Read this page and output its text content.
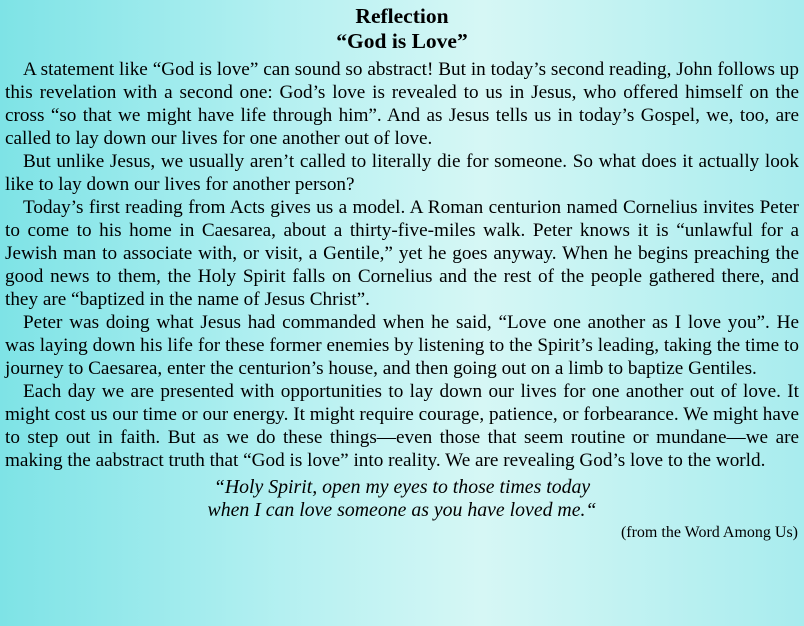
Reflection
“God is Love”

A statement like “God is love” can sound so abstract! But in today’s second reading, John follows up this revelation with a second one: God’s love is revealed to us in Jesus, who offered himself on the cross “so that we might have life through him”. And as Jesus tells us in today’s Gospel, we, too, are called to lay down our lives for one another out of love.

But unlike Jesus, we usually aren’t called to literally die for someone. So what does it actually look like to lay down our lives for another person?

Today’s first reading from Acts gives us a model. A Roman centurion named Cornelius invites Peter to come to his home in Caesarea, about a thirty-five-miles walk. Peter knows it is “unlawful for a Jewish man to associate with, or visit, a Gentile,” yet he goes anyway. When he begins preaching the good news to them, the Holy Spirit falls on Cornelius and the rest of the people gathered there, and they are “baptized in the name of Jesus Christ”.

Peter was doing what Jesus had commanded when he said, “Love one another as I love you”. He was laying down his life for these former enemies by listening to the Spirit’s leading, taking the time to journey to Caesarea, enter the centurion’s house, and then going out on a limb to baptize Gentiles.

Each day we are presented with opportunities to lay down our lives for one another out of love. It might cost us our time or our energy. It might require courage, patience, or forbearance. We might have to step out in faith. But as we do these things—even those that seem routine or mundane—we are making the aabstract truth that “God is love” into reality. We are revealing God’s love to the world.

“Holy Spirit, open my eyes to those times today
when I can love someone as you have loved me.“
(from the Word Among Us)
